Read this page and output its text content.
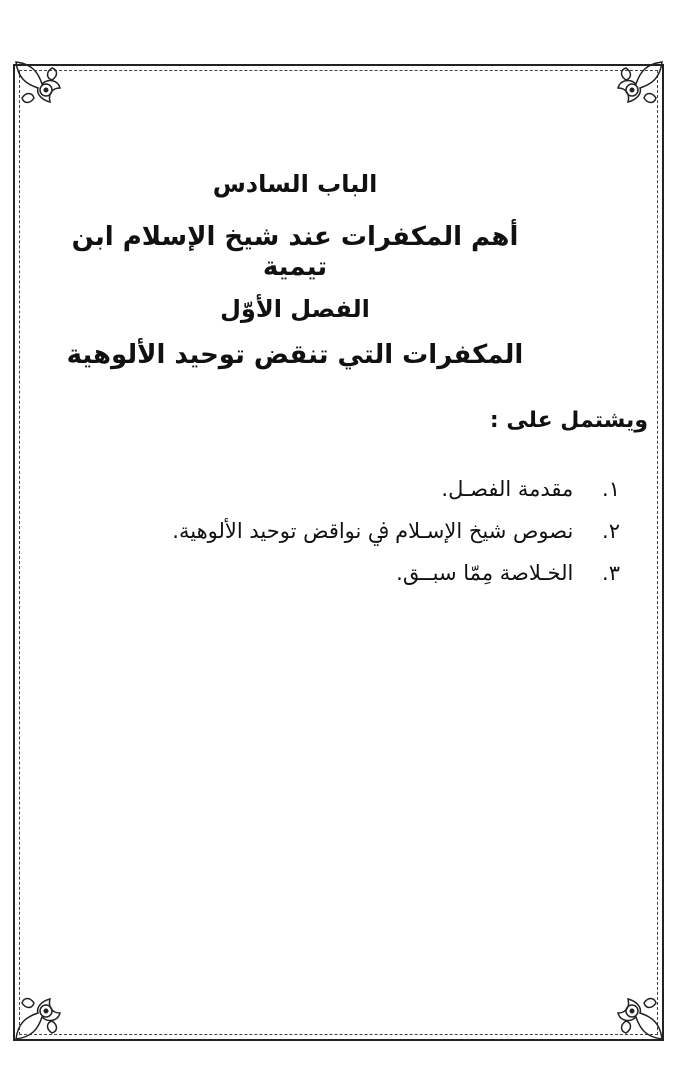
الباب السادس
أهم المكفرات عند شيخ الإسلام ابن تيمية
الفصل الأوّل
المكفرات التي تنقض توحيد الألوهية
ويشتمل على :
١. مقدمة الفصـل.
٢. نصوص شيخ الإسـلام ﰲ نواقض توحيد الألوهية.
٣. الخـلاصة مِمّا سبــق.
